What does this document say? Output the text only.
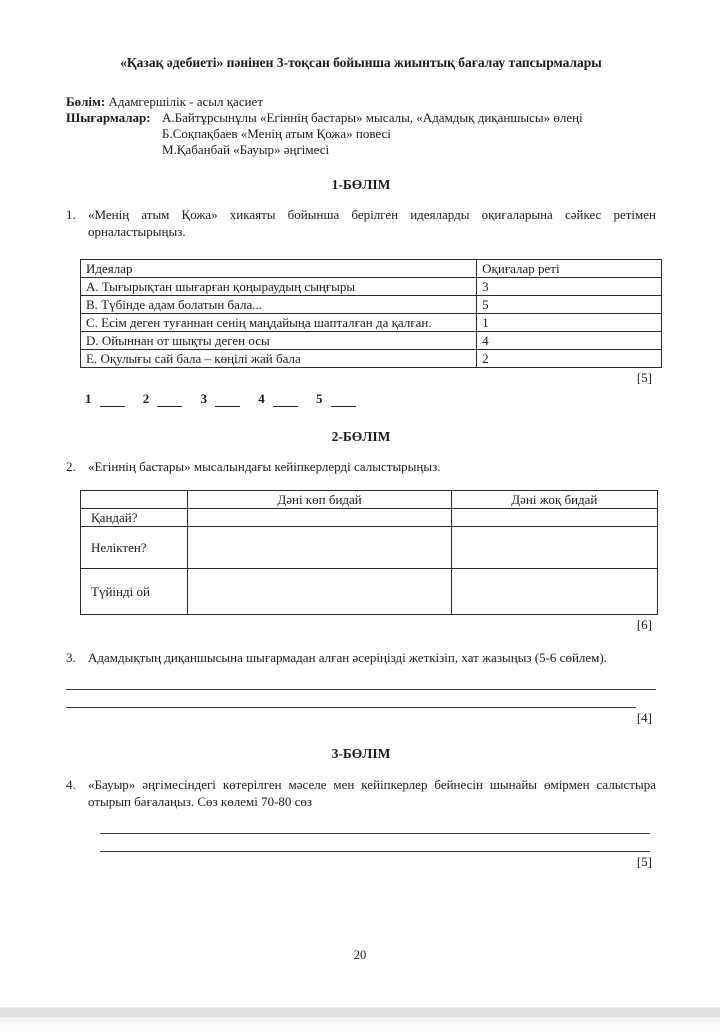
«Қазақ әдебиеті» пәнінен 3-тоқсан бойынша жиынтық бағалау тапсырмалары
Бөлім: Адамгершілік - асыл қасиет
Шығармалар: А.Байтұрсынұлы «Егіннің бастары» мысалы, «Адамдық диқаншысы» өлеңі
Б.Соқпақбаев «Менің атым Қожа» повесі
М.Қабанбай «Бауыр» әңгімесі
1-БӨЛІМ
1. «Менің атым Қожа» хикаяты бойынша берілген идеяларды оқиғаларына сәйкес ретімен орналастырыңыз.
Идеялар	Оқиғалар реті
A. Тығырықтан шығарған қоңыраудың сыңғыры	3
B. Түбінде адам болатын бала...	5
C. Есім деген туғаннан сенің маңдайыңа шапталған да қалған.	1
D. Ойыннан от шықты деген осы	4
E. Оқулығы сай бала – көңілі жай бала	2
[5]
1
	2
	3
	4
	5
2-БӨЛІМ
2. «Егіннің бастары» мысалындағы кейіпкерлерді салыстырыңыз.
	Дәні көп бидай	Дәні жоқ бидай
Қандай?		
Неліктен?		
Түйінді ой		
[6]
3. Адамдықтың диқаншысына шығармадан алған әсеріңізді жеткізіп, хат жазыңыз (5-6 сөйлем).
[4]
3-БӨЛІМ
4. «Бауыр» әңгімесіндегі көтерілген мәселе мен кейіпкерлер бейнесін шынайы өмірмен салыстыра отырып бағалаңыз. Сөз көлемі 70-80 сөз
[5]
20
